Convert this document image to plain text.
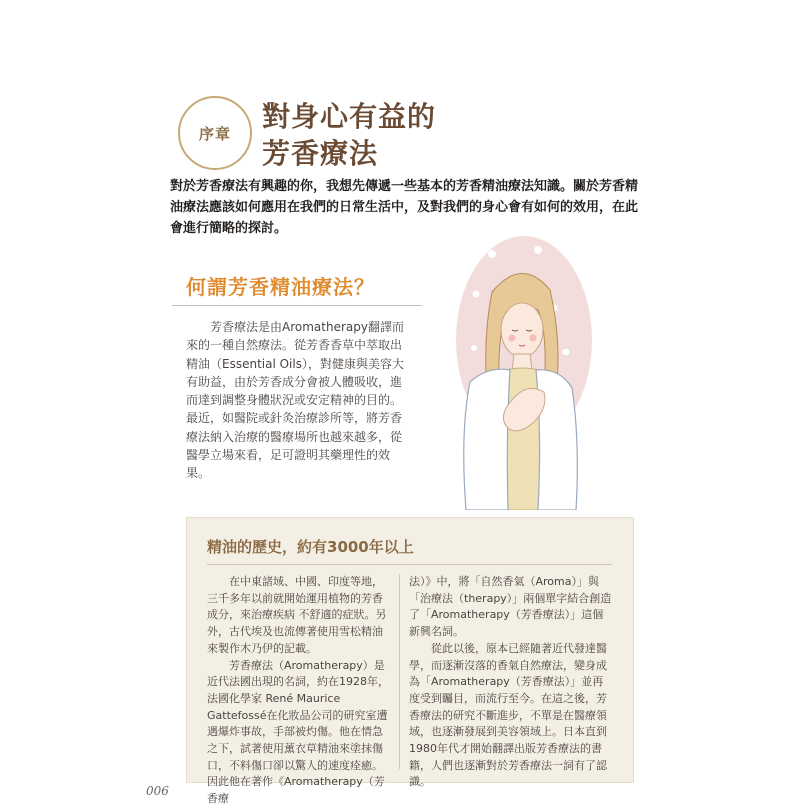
序章
對身心有益的
芳香療法
對於芳香療法有興趣的你，我想先傳遞一些基本的芳香精油療法知識。關於芳香精油療法應該如何應用在我們的日常生活中，及對我們的身心會有如何的效用，在此會進行簡略的探討。
何謂芳香精油療法？
芳香療法是由Aromatherapy翻譯而來的一種自然療法。從芳香香草中萃取出精油（Essential Oils），對健康與美容大有助益，由於芳香成分會被人體吸收，進而達到調整身體狀況或安定精神的目的。最近，如醫院或針灸治療診所等，將芳香療法納入治療的醫療場所也越來越多，從醫學立場來看，足可證明其藥理性的效果。
精油的歷史，約有3000年以上

在中東諸域、中國、印度等地，三千多年以前就開始運用植物的芳香成分，來治療疾病 不舒適的症狀。另外，古代埃及也流傳著使用雪松精油來製作木乃伊的記載。

芳香療法（Aromatherapy）是近代法國出現的名詞，約在1928年，法國化學家 René Maurice Gattefossé在化妝品公司的研究室遭遇爆炸事故，手部被灼傷。他在情急之下，試著使用薰衣草精油來塗抹傷口，不料傷口卻以驚人的速度痊癒。因此他在著作《Aromatherapy（芳香療

法）》中，將「自然香氣（Aroma）」與「治療法（therapy）」兩個單字結合創造了「Aromatherapy（芳香療法）」這個新興名詞。

從此以後，原本已經隨著近代發達醫學，而逐漸沒落的香氣自然療法，變身成為「Aromatherapy（芳香療法）」並再度受到矚目，而流行至今。在這之後，芳香療法的研究不斷進步，不單是在醫療領域，也逐漸發展到美容領域上。日本直到1980年代才開始翻譯出版芳香療法的書籍，人們也逐漸對於芳香療法一詞有了認識。

006
